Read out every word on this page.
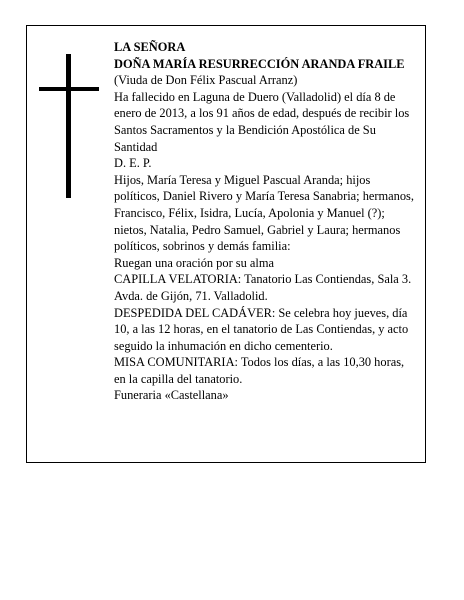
LA SEÑORA

DOÑA MARÍA RESURRECCIÓN ARANDA FRAILE

(Viuda de Don Félix Pascual Arranz)

Ha fallecido en Laguna de Duero (Valladolid) el día 8 de enero de 2013, a los 91 años de edad, después de recibir los Santos Sacramentos y la Bendición Apostólica de Su Santidad

D. E. P.

Hijos, María Teresa y Miguel Pascual Aranda; hijos políticos, Daniel Rivero y María Teresa Sanabria; hermanos, Francisco, Félix, Isidra, Lucía, Apolonia y Manuel (?); nietos, Natalia, Pedro Samuel, Gabriel y Laura; hermanos políticos, sobrinos y demás familia:

Ruegan una oración por su alma

CAPILLA VELATORIA: Tanatorio Las Contiendas, Sala 3. Avda. de Gijón, 71. Valladolid.

DESPEDIDA DEL CADÁVER: Se celebra hoy jueves, día 10, a las 12 horas, en el tanatorio de Las Contiendas, y acto seguido la inhumación en dicho cementerio.

MISA COMUNITARIA: Todos los días, a las 10,30 horas, en la capilla del tanatorio.

Funeraria «Castellana»
